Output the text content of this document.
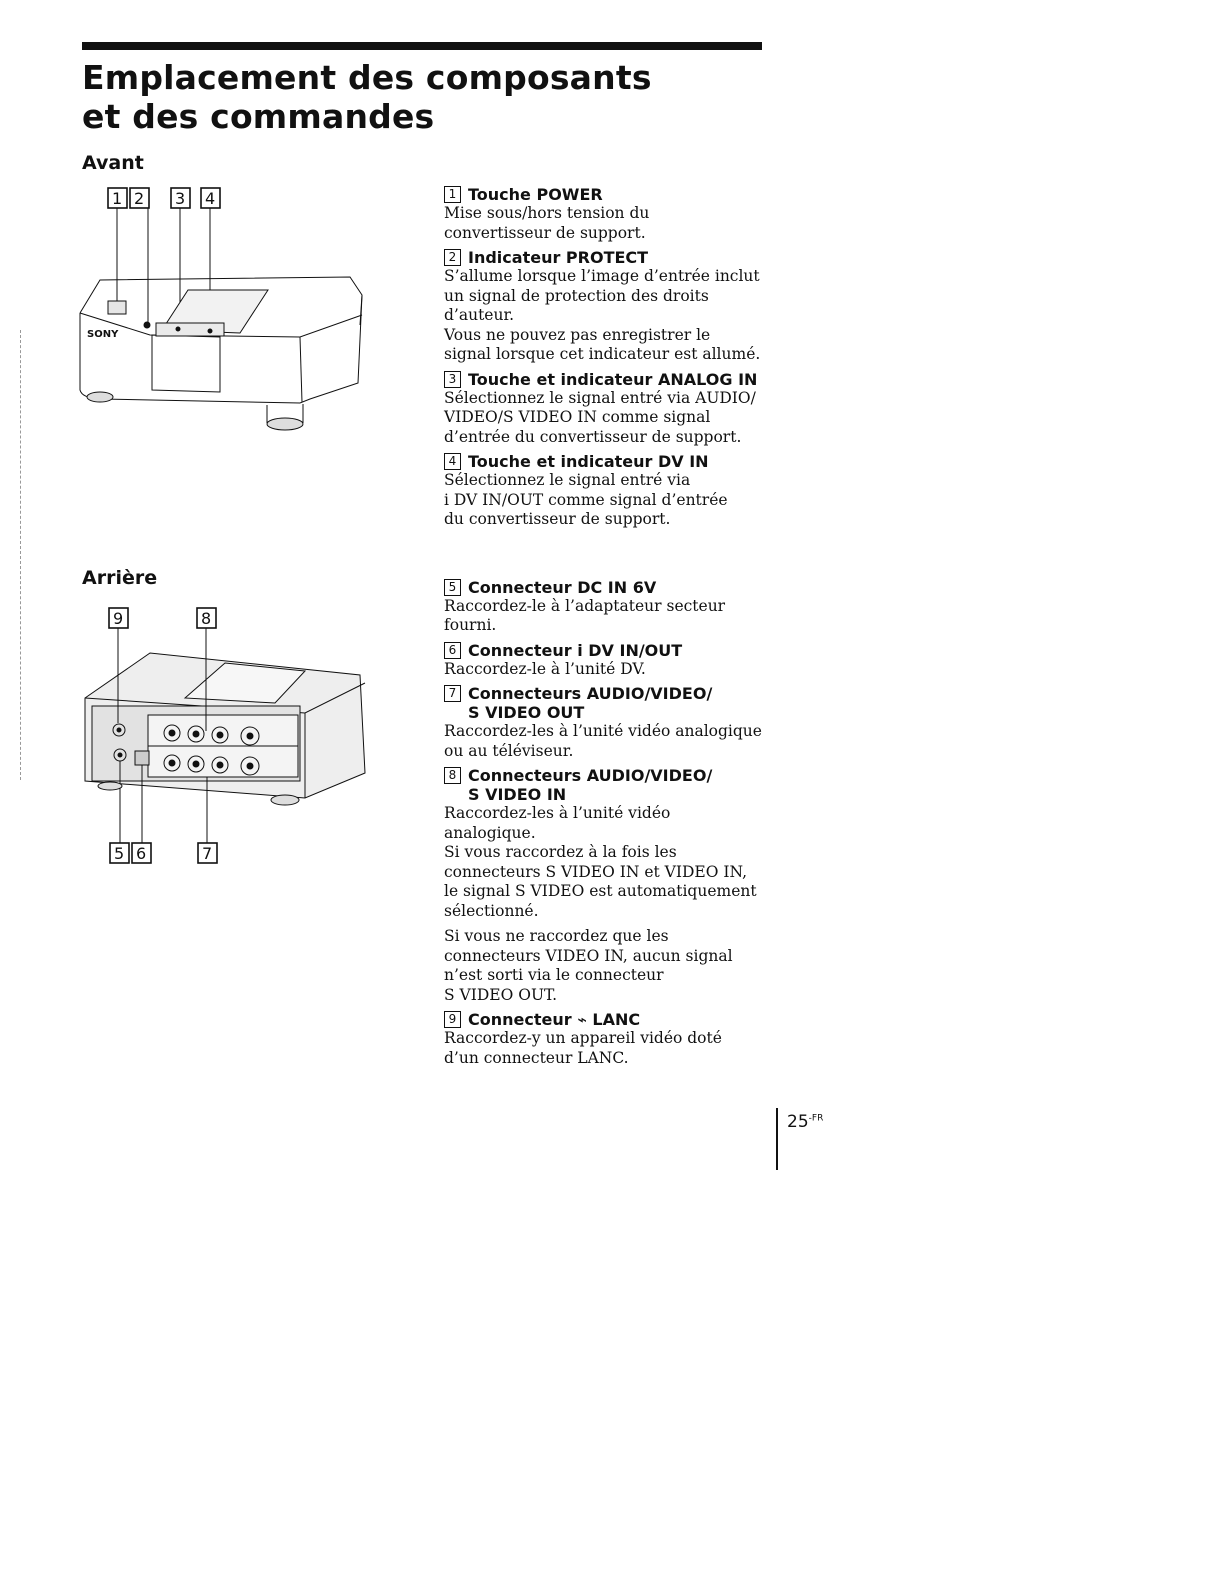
Emplacement des composants
et des commandes
Avant
Arrière
1 2 3 4
SONY
9	8
5 6	7
1 Touche POWER
Mise sous/hors tension du
convertisseur de support.
2 Indicateur PROTECT
S’allume lorsque l’image d’entrée inclut
un signal de protection des droits
d’auteur.
Vous ne pouvez pas enregistrer le
signal lorsque cet indicateur est allumé.
3 Touche et indicateur ANALOG IN
Sélectionnez le signal entré via AUDIO/
VIDEO/S VIDEO IN comme signal
d’entrée du convertisseur de support.
4 Touche et indicateur DV IN
Sélectionnez le signal entré via
i DV IN/OUT comme signal d’entrée
du convertisseur de support.
5 Connecteur DC IN 6V
Raccordez-le à l’adaptateur secteur
fourni.
6 Connecteur i DV IN/OUT
Raccordez-le à l’unité DV.
7 Connecteurs AUDIO/VIDEO/
S VIDEO OUT
Raccordez-les à l’unité vidéo analogique
ou au téléviseur.
8 Connecteurs AUDIO/VIDEO/
S VIDEO IN
Raccordez-les à l’unité vidéo
analogique.
Si vous raccordez à la fois les
connecteurs S VIDEO IN et VIDEO IN,
le signal S VIDEO est automatiquement
sélectionné.
Si vous ne raccordez que les
connecteurs VIDEO IN, aucun signal
n’est sorti via le connecteur
S VIDEO OUT.
9 Connecteur ⌁ LANC
Raccordez-y un appareil vidéo doté
d’un connecteur LANC.
$25^{-FR}$
